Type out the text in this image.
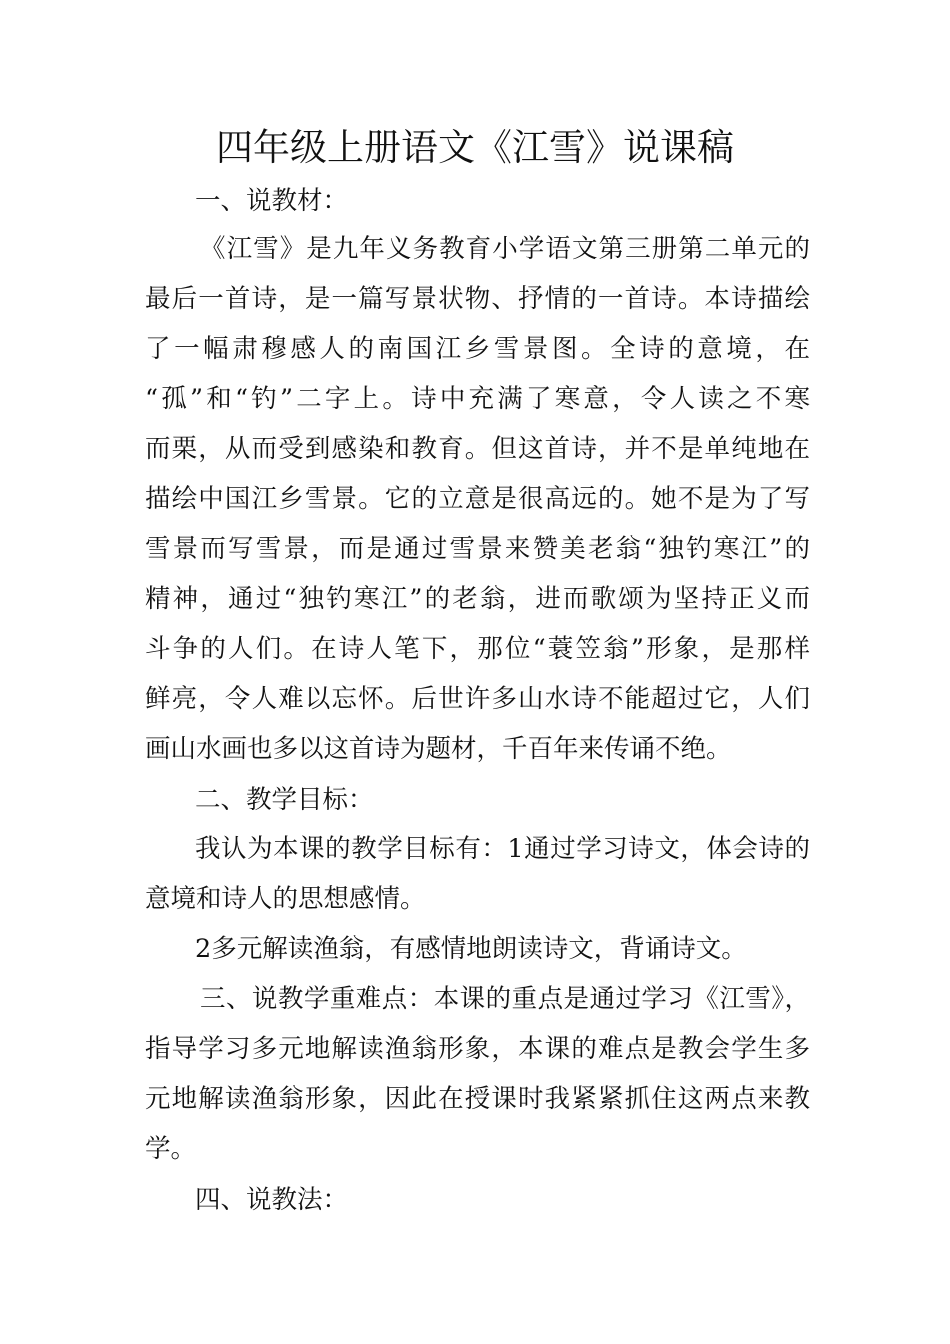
四年级上册语文《江雪》说课稿
一、说教材：
《江雪》是九年义务教育小学语文第三册第二单元的
最后一首诗，是一篇写景状物、抒情的一首诗。本诗描绘
了一幅肃穆感人的南国江乡雪景图。全诗的意境，在
“孤”和“钓”二字上。诗中充满了寒意，令人读之不寒
而栗，从而受到感染和教育。但这首诗，并不是单纯地在
描绘中国江乡雪景。它的立意是很高远的。她不是为了写
雪景而写雪景，而是通过雪景来赞美老翁“独钓寒江”的
精神，通过“独钓寒江”的老翁，进而歌颂为坚持正义而
斗争的人们。在诗人笔下，那位“蓑笠翁”形象，是那样
鲜亮，令人难以忘怀。后世许多山水诗不能超过它，人们
画山水画也多以这首诗为题材，千百年来传诵不绝。
二、教学目标：
我认为本课的教学目标有：1通过学习诗文，体会诗的
意境和诗人的思想感情。
2多元解读渔翁，有感情地朗读诗文，背诵诗文。
三、说教学重难点：本课的重点是通过学习《江雪》，
指导学习多元地解读渔翁形象，本课的难点是教会学生多
元地解读渔翁形象，因此在授课时我紧紧抓住这两点来教
学。
四、说教法：
